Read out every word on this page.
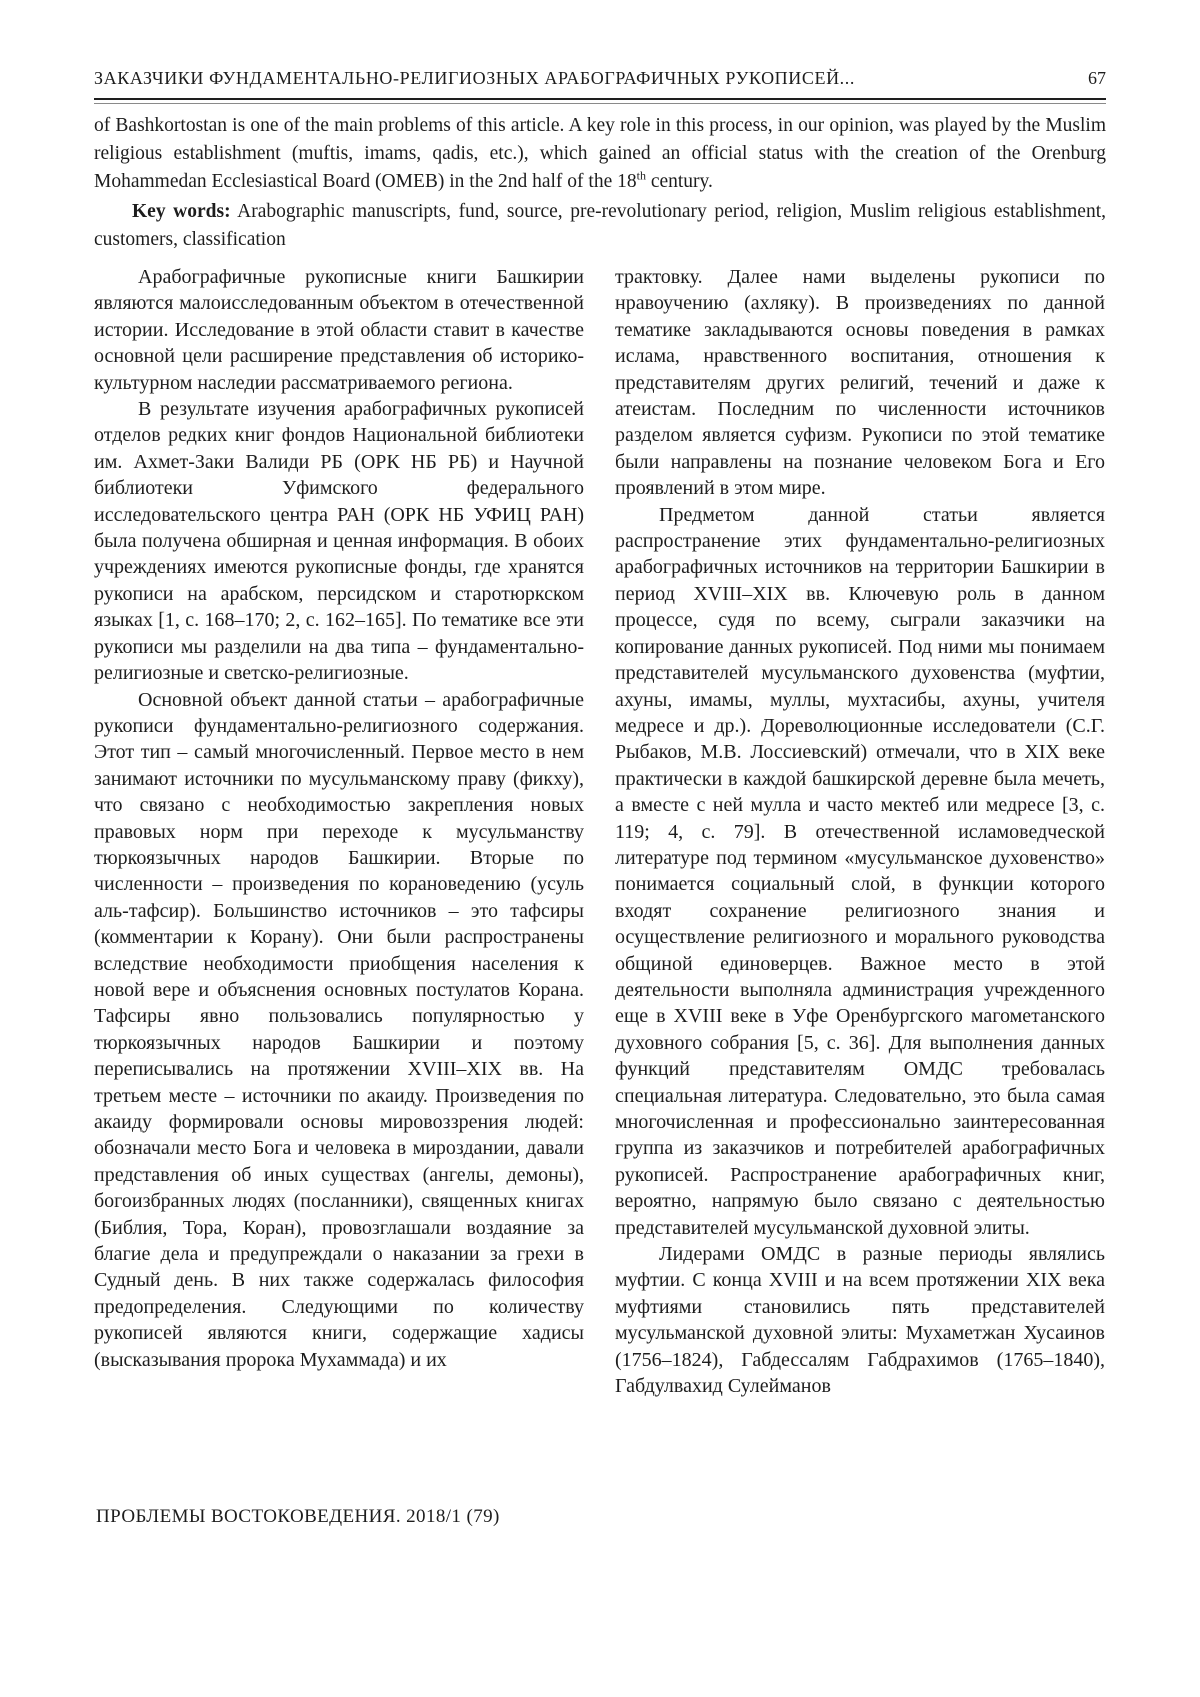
ЗАКАЗЧИКИ ФУНДАМЕНТАЛЬНО-РЕЛИГИОЗНЫХ АРАБОГРАФИЧНЫХ РУКОПИСЕЙ...	67
of Bashkortostan is one of the main problems of this article. A key role in this process, in our opinion, was played by the Muslim religious establishment (muftis, imams, qadis, etc.), which gained an official status with the creation of the Orenburg Mohammedan Ecclesiastical Board (OMEB) in the 2nd half of the 18th century.
Key words: Arabographic manuscripts, fund, source, pre-revolutionary period, religion, Muslim religious establishment, customers, classification

Арабографичные рукописные книги Башкирии являются малоисследованным объектом в отечественной истории. Исследование в этой области ставит в качестве основной цели расширение представления об историко-культурном наследии рассматриваемого региона.

В результате изучения арабографичных рукописей отделов редких книг фондов Национальной библиотеки им. Ахмет-Заки Валиди РБ (ОРК НБ РБ) и Научной библиотеки Уфимского федерального исследовательского центра РАН (ОРК НБ УФИЦ РАН) была получена обширная и ценная информация. В обоих учреждениях имеются рукописные фонды, где хранятся рукописи на арабском, персидском и старотюркском языках [1, с. 168–170; 2, с. 162–165]. По тематике все эти рукописи мы разделили на два типа – фундаментально-религиозные и светско-религиозные.

Основной объект данной статьи – арабографичные рукописи фундаментально-религиозного содержания. Этот тип – самый многочисленный. Первое место в нем занимают источники по мусульманскому праву (фикху), что связано с необходимостью закрепления новых правовых норм при переходе к мусульманству тюркоязычных народов Башкирии. Вторые по численности – произведения по корановедению (усуль аль-тафсир). Большинство источников – это тафсиры (комментарии к Корану). Они были распространены вследствие необходимости приобщения населения к новой вере и объяснения основных постулатов Корана. Тафсиры явно пользовались популярностью у тюркоязычных народов Башкирии и поэтому переписывались на протяжении XVIII–XIX вв. На третьем месте – источники по акаиду. Произведения по акаиду формировали основы мировоззрения людей: обозначали место Бога и человека в мироздании, давали представления об иных существах (ангелы, демоны), богоизбранных людях (посланники), священных книгах (Библия, Тора, Коран), провозглашали воздаяние за благие дела и предупреждали о наказании за грехи в Судный день. В них также содержалась философия предопределения. Следующими по количеству рукописей являются книги, содержащие хадисы (высказывания пророка Мухаммада) и их

трактовку. Далее нами выделены рукописи по нравоучению (ахляку). В произведениях по данной тематике закладываются основы поведения в рамках ислама, нравственного воспитания, отношения к представителям других религий, течений и даже к атеистам. Последним по численности источников разделом является суфизм. Рукописи по этой тематике были направлены на познание человеком Бога и Его проявлений в этом мире.

Предметом данной статьи является распространение этих фундаментально-религиозных арабографичных источников на территории Башкирии в период XVIII–XIX вв. Ключевую роль в данном процессе, судя по всему, сыграли заказчики на копирование данных рукописей. Под ними мы понимаем представителей мусульманского духовенства (муфтии, ахуны, имамы, муллы, мухтасибы, ахуны, учителя медресе и др.). Дореволюционные исследователи (С.Г. Рыбаков, М.В. Лоссиевский) отмечали, что в XIX веке практически в каждой башкирской деревне была мечеть, а вместе с ней мулла и часто мектеб или медресе [3, с. 119; 4, с. 79]. В отечественной исламоведческой литературе под термином «мусульманское духовенство» понимается социальный слой, в функции которого входят сохранение религиозного знания и осуществление религиозного и морального руководства общиной единоверцев. Важное место в этой деятельности выполняла администрация учрежденного еще в XVIII веке в Уфе Оренбургского магометанского духовного собрания [5, с. 36]. Для выполнения данных функций представителям ОМДС требовалась специальная литература. Следовательно, это была самая многочисленная и профессионально заинтересованная группа из заказчиков и потребителей арабографичных рукописей. Распространение арабографичных книг, вероятно, напрямую было связано с деятельностью представителей мусульманской духовной элиты.

Лидерами ОМДС в разные периоды являлись муфтии. С конца XVIII и на всем протяжении XIX века муфтиями становились пять представителей мусульманской духовной элиты: Мухаметжан Хусаинов (1756–1824), Габдессалям Габдрахимов (1765–1840), Габдулвахид Сулейманов

ПРОБЛЕМЫ ВОСТОКОВЕДЕНИЯ. 2018/1 (79)
